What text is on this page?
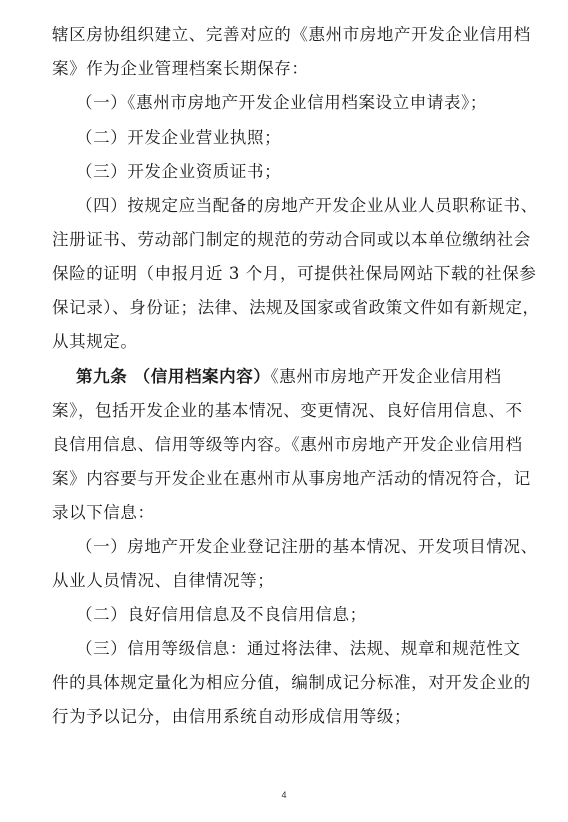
辖区房协组织建立、完善对应的《惠州市房地产开发企业信用档
案》作为企业管理档案长期保存：
（一）《惠州市房地产开发企业信用档案设立申请表》；
（二）开发企业营业执照；
（三）开发企业资质证书；
（四）按规定应当配备的房地产开发企业从业人员职称证书、
注册证书、劳动部门制定的规范的劳动合同或以本单位缴纳社会
保险的证明（申报月近 3 个月，可提供社保局网站下载的社保参
保记录）、身份证；法律、法规及国家或省政策文件如有新规定，
从其规定。
第九条 （信用档案内容）《惠州市房地产开发企业信用档
案》，包括开发企业的基本情况、变更情况、良好信用信息、不
良信用信息、信用等级等内容。《惠州市房地产开发企业信用档
案》内容要与开发企业在惠州市从事房地产活动的情况符合，记
录以下信息：
（一）房地产开发企业登记注册的基本情况、开发项目情况、
从业人员情况、自律情况等；
（二）良好信用信息及不良信用信息；
（三）信用等级信息：通过将法律、法规、规章和规范性文
件的具体规定量化为相应分值，编制成记分标准，对开发企业的
行为予以记分，由信用系统自动形成信用等级；
4
